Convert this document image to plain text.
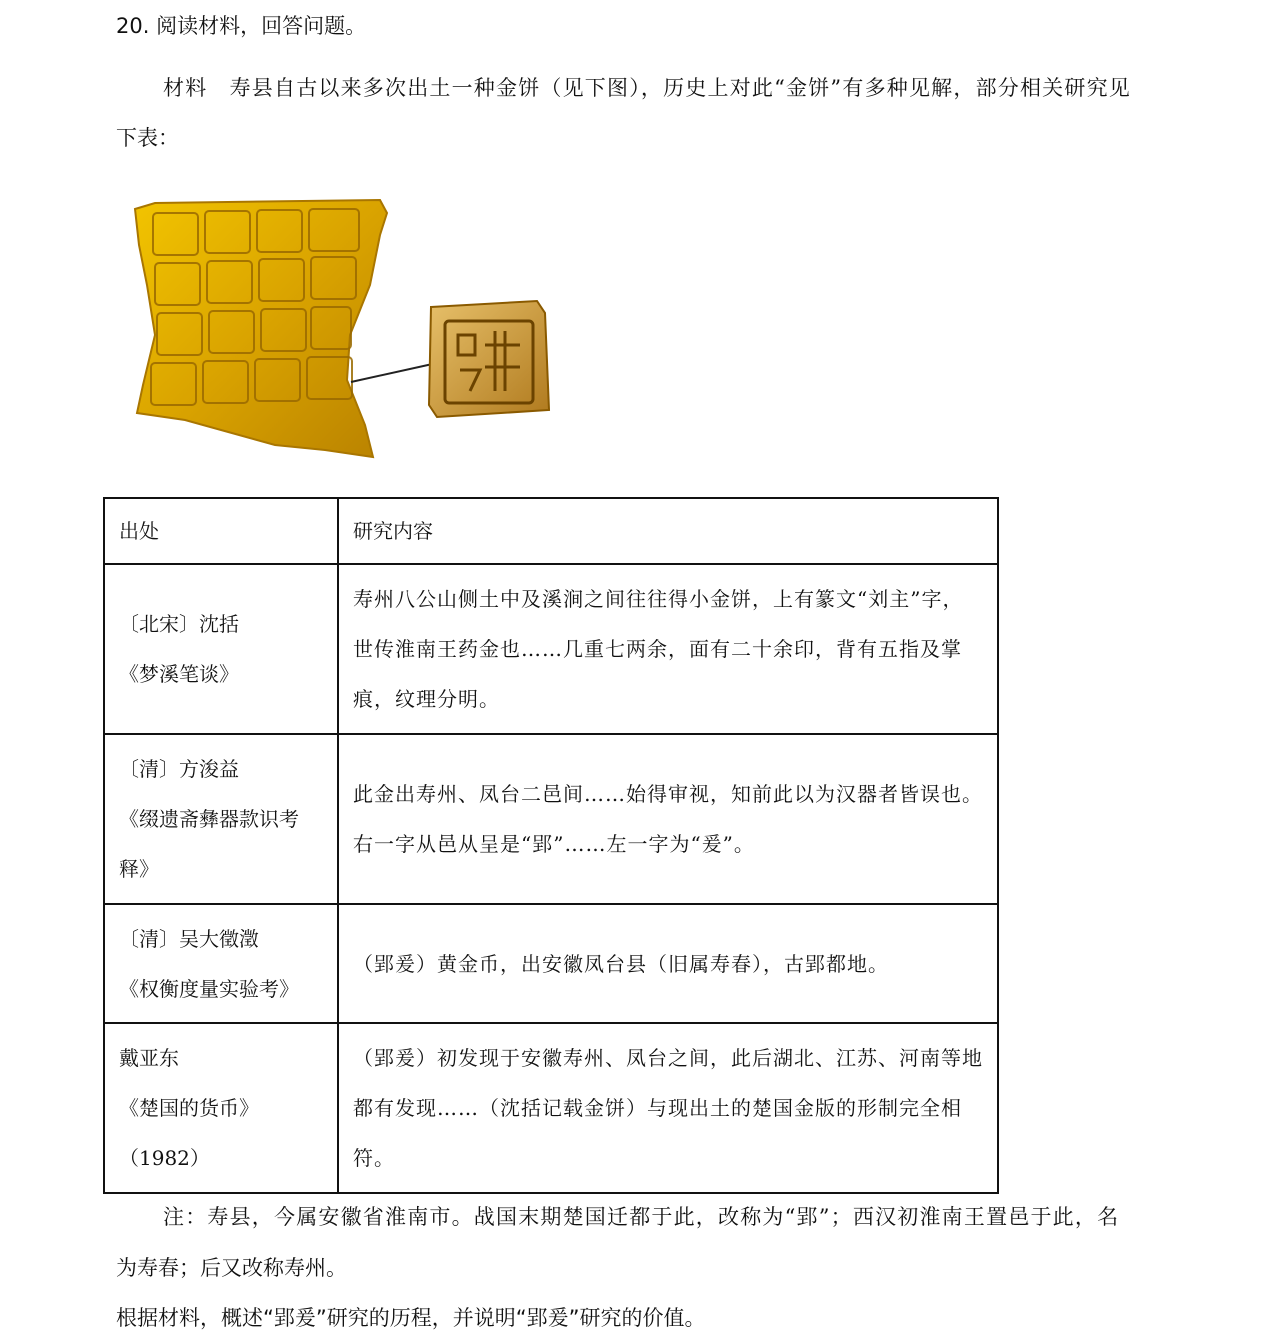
20. 阅读材料，回答问题。
材料　寿县自古以来多次出土一种金饼（见下图），历史上对此“金饼”有多种见解，部分相关研究见
下表：
出处	研究内容

〔北宋〕沈括
《梦溪笔谈》	寿州八公山侧土中及溪涧之间往往得小金饼，上有篆文“刘主”字，世传淮南王药金也……几重七两余，面有二十余印，背有五指及掌痕，纹理分明。

〔清〕方浚益
《缀遗斋彝器款识考
释》	此金出寿州、凤台二邑间……始得审视，知前此以为汉器者皆误也。右一字从邑从呈是“郢”……左一字为“爰”。

〔清〕吴大徵澂
《权衡度量实验考》	（郢爰）黄金币，出安徽凤台县（旧属寿春），古郢都地。

戴亚东
《楚国的货币》
（1982）	（郢爰）初发现于安徽寿州、凤台之间，此后湖北、江苏、河南等地都有发现……（沈括记载金饼）与现出土的楚国金版的形制完全相符。
注：寿县，今属安徽省淮南市。战国末期楚国迁都于此，改称为“郢”；西汉初淮南王置邑于此，名
为寿春；后又改称寿州。
根据材料，概述“郢爰”研究的历程，并说明“郢爰”研究的价值。
